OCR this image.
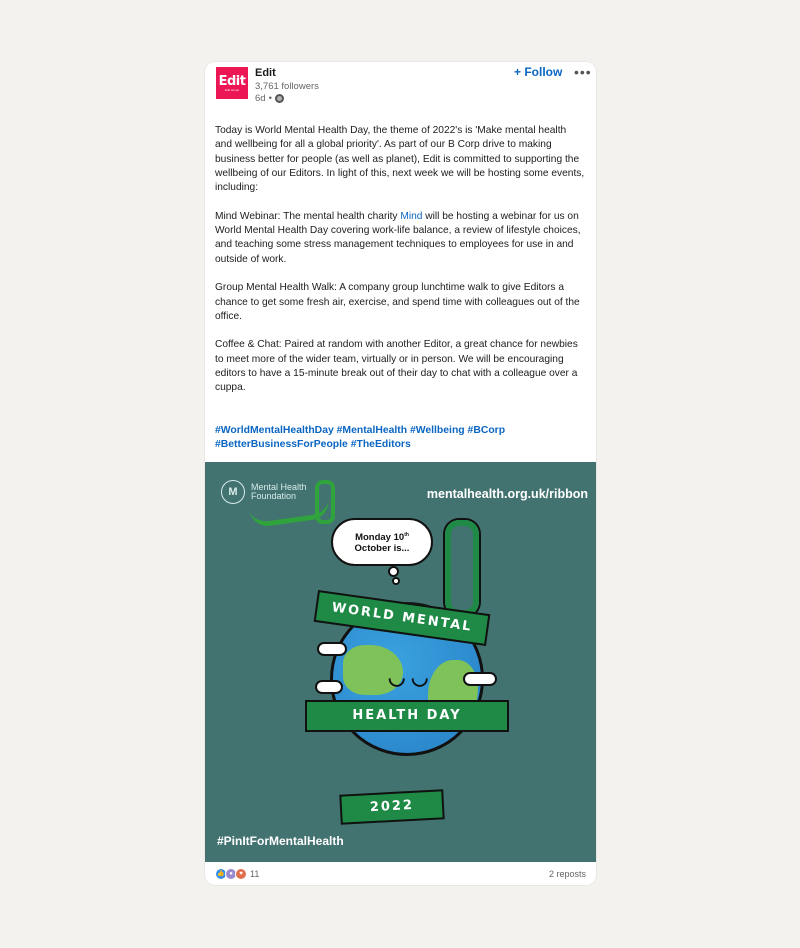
Edit
Edit Group
Edit
3,761 followers
6d •
+ Follow •••

Today is World Mental Health Day, the theme of 2022's is 'Make mental health and wellbeing for all a global priority'. As part of our B Corp drive to making business better for people (as well as planet), Edit is committed to supporting the wellbeing of our Editors. In light of this, next week we will be hosting some events, including:

Mind Webinar: The mental health charity Mind will be hosting a webinar for us on World Mental Health Day covering work-life balance, a review of lifestyle choices, and teaching some stress management techniques to employees for use in and outside of work.

Group Mental Health Walk: A company group lunchtime walk to give Editors a chance to get some fresh air, exercise, and spend time with colleagues out of the office.

Coffee & Chat: Paired at random with another Editor, a great chance for newbies to meet more of the wider team, virtually or in person. We will be encouraging editors to have a 15-minute break out of their day to chat with a colleague over a cuppa.

#WorldMentalHealthDay #MentalHealth #Wellbeing #BCorp
#BetterBusinessForPeople #TheEditors
M	Mental Health
Foundation	mentalhealth.org.uk/ribbon
Monday 10th
October is...
◡ ◡

WORLD MENTAL
HEALTH DAY
2022
#PinItForMentalHealth
👍 ●	♥ 11	2 reposts
